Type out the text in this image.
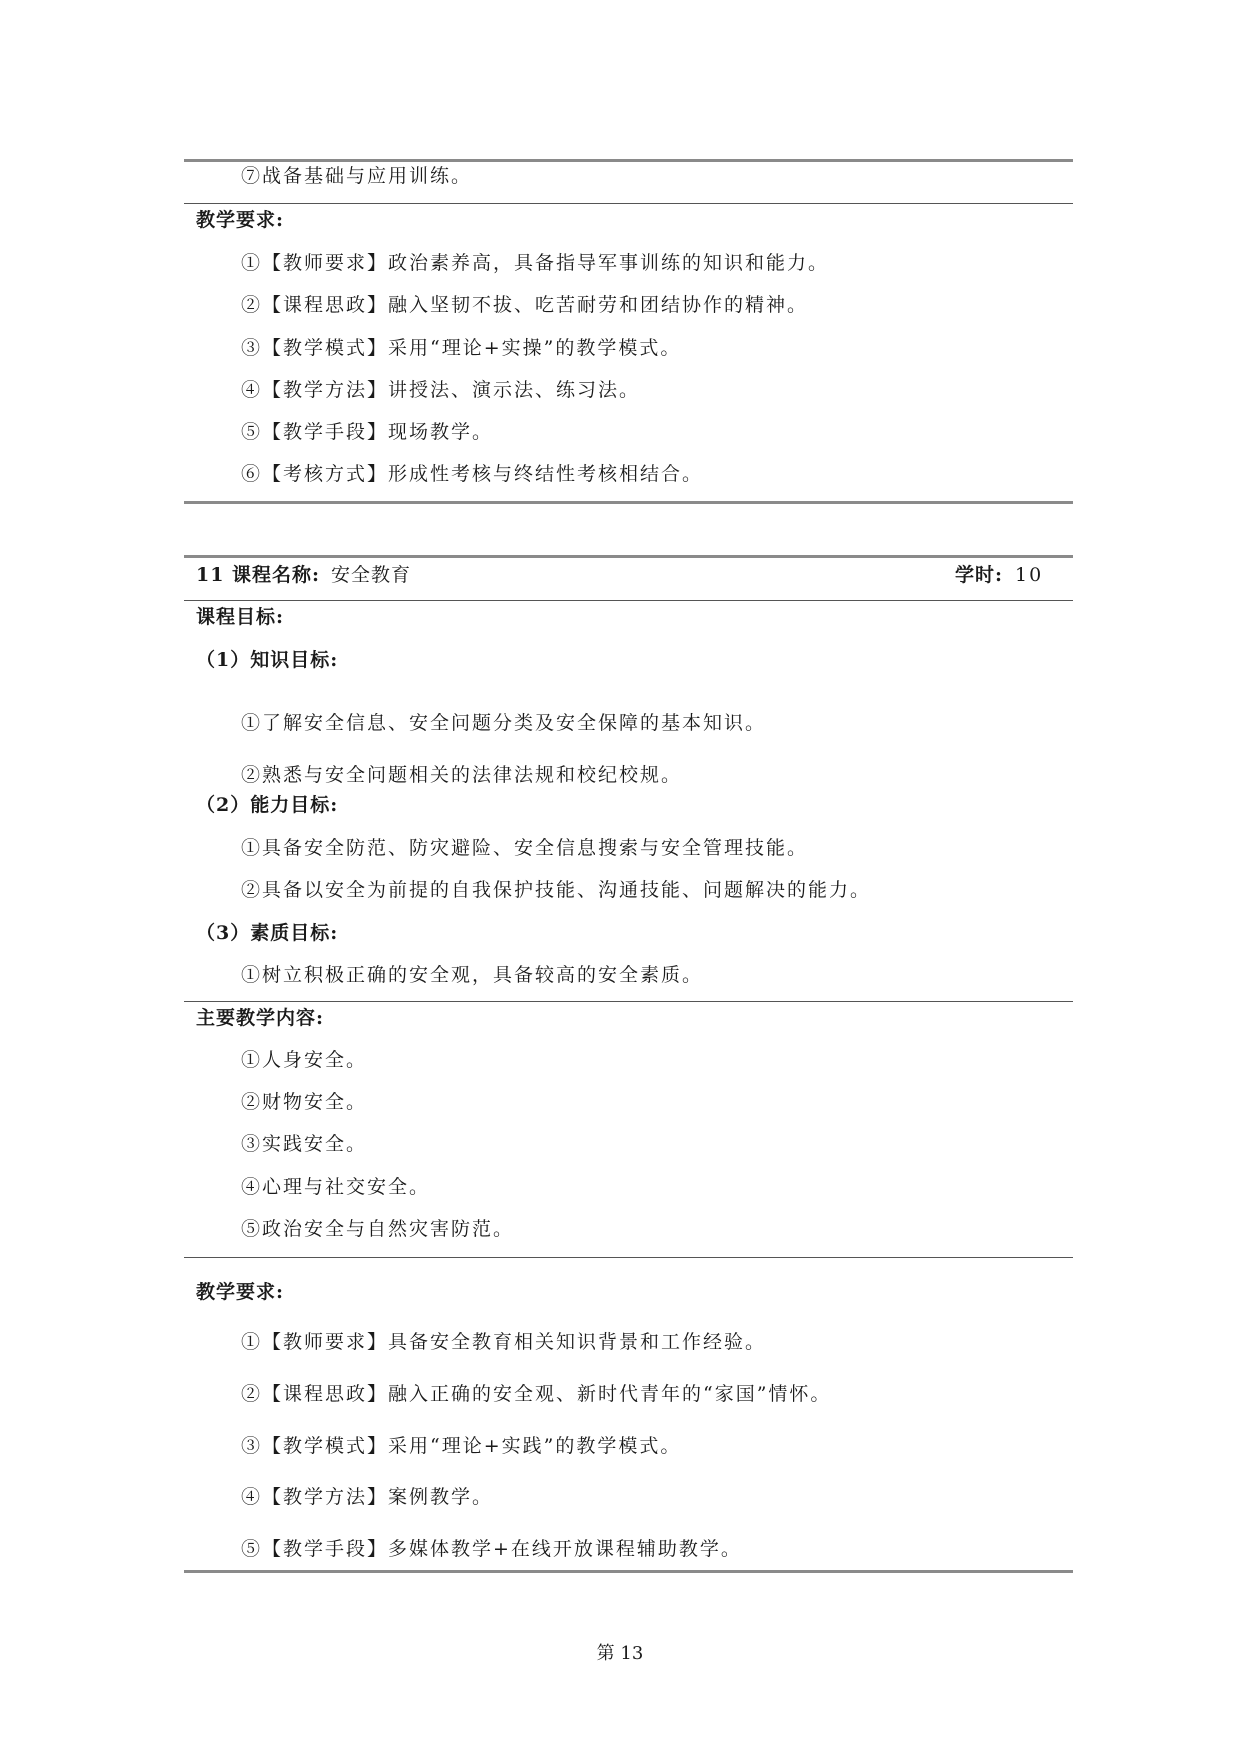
⑦战备基础与应用训练。
教学要求:
①【教师要求】政治素养高，具备指导军事训练的知识和能力。
②【课程思政】融入坚韧不拔、吃苦耐劳和团结协作的精神。
③【教学模式】采用“理论+实操”的教学模式。
④【教学方法】讲授法、演示法、练习法。
⑤【教学手段】现场教学。
⑥【考核方式】形成性考核与终结性考核相结合。
11 课程名称: 安全教育	学时: 10
课程目标:
（1）知识目标:
①了解安全信息、安全问题分类及安全保障的基本知识。
②熟悉与安全问题相关的法律法规和校纪校规。
（2）能力目标:
①具备安全防范、防灾避险、安全信息搜索与安全管理技能。
②具备以安全为前提的自我保护技能、沟通技能、问题解决的能力。
（3）素质目标:
①树立积极正确的安全观，具备较高的安全素质。
主要教学内容:
①人身安全。
②财物安全。
③实践安全。
④心理与社交安全。
⑤政治安全与自然灾害防范。
教学要求:
①【教师要求】具备安全教育相关知识背景和工作经验。
②【课程思政】融入正确的安全观、新时代青年的“家国”情怀。
③【教学模式】采用“理论+实践”的教学模式。
④【教学方法】案例教学。
⑤【教学手段】多媒体教学+在线开放课程辅助教学。
第 13
